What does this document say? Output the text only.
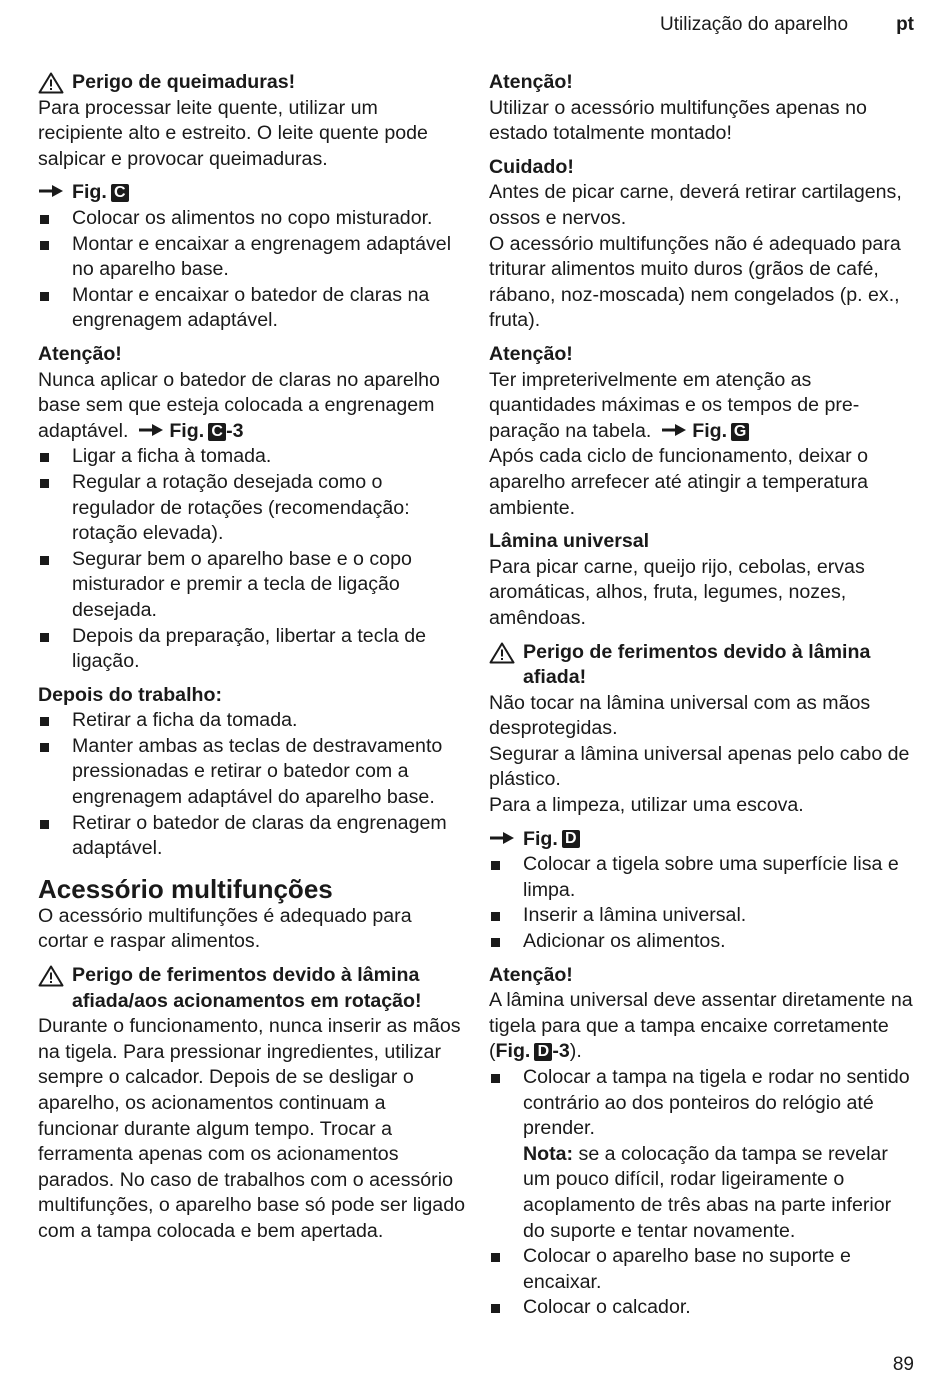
Utilização do aparelho	pt
Perigo de queimaduras!

Para processar leite quente, utilizar um recipiente alto e estreito. O leite quente pode salpicar e provocar queimaduras.

Fig. C
Colocar os alimentos no copo misturador.
Montar e encaixar a engrenagem adaptável no aparelho base.
Montar e encaixar o batedor de claras na engrenagem adaptável.

Atenção!

Nunca aplicar o batedor de claras no aparelho base sem que esteja colocada a engrenagem adaptável. Fig. C -3

Ligar a ficha à tomada.
Regular a rotação desejada como o regulador de rotações (recomendação: rotação elevada).
Segurar bem o aparelho base e o copo misturador e premir a tecla de ligação desejada.
Depois da preparação, libertar a tecla de ligação.

Depois do trabalho:

Retirar a ficha da tomada.
Manter ambas as teclas de destravamento pressionadas e retirar o batedor com a engrenagem adaptável do aparelho base.
Retirar o batedor de claras da engrenagem adaptável.

Acessório multifunções

O acessório multifunções é adequado para cortar e raspar alimentos.

Perigo de ferimentos devido à lâmina afiada/aos acionamentos em rotação!

Durante o funcionamento, nunca inserir as mãos na tigela. Para pressionar ingredientes, utilizar sempre o calcador. Depois de se desligar o aparelho, os acionamentos continuam a funcionar durante algum tempo. Trocar a ferramenta apenas com os acionamentos parados. No caso de trabalhos com o acessório multifunções, o aparelho base só pode ser ligado com a tampa colocada e bem apertada.

Atenção!

Utilizar o acessório multifunções apenas no estado totalmente montado!

Cuidado!

Antes de picar carne, deverá retirar cartilagens, ossos e nervos.

O acessório multifunções não é adequado para triturar alimentos muito duros (grãos de café, rábano, noz-moscada) nem congelados (p. ex., fruta).

Atenção!

Ter impreterivelmente em atenção as quantidades máximas e os tempos de pre-paração na tabela. Fig. G

Após cada ciclo de funcionamento, deixar o aparelho arrefecer até atingir a temperatura ambiente.

Lâmina universal

Para picar carne, queijo rijo, cebolas, ervas aromáticas, alhos, fruta, legumes, nozes, amêndoas.

Perigo de ferimentos devido à lâmina afiada!

Não tocar na lâmina universal com as mãos desprotegidas.

Segurar a lâmina universal apenas pelo cabo de plástico.

Para a limpeza, utilizar uma escova.

Fig. D
Colocar a tigela sobre uma superfície lisa e limpa.
Inserir a lâmina universal.
Adicionar os alimentos.

Atenção!

A lâmina universal deve assentar diretamente na tigela para que a tampa encaixe corretamente (Fig. D -3).

Colocar a tampa na tigela e rodar no sentido contrário ao dos ponteiros do relógio até prender.
Nota: se a colocação da tampa se revelar um pouco difícil, rodar ligeiramente o acoplamento de três abas na parte inferior do suporte e tentar novamente.
Colocar o aparelho base no suporte e encaixar.
Colocar o calcador.
89
